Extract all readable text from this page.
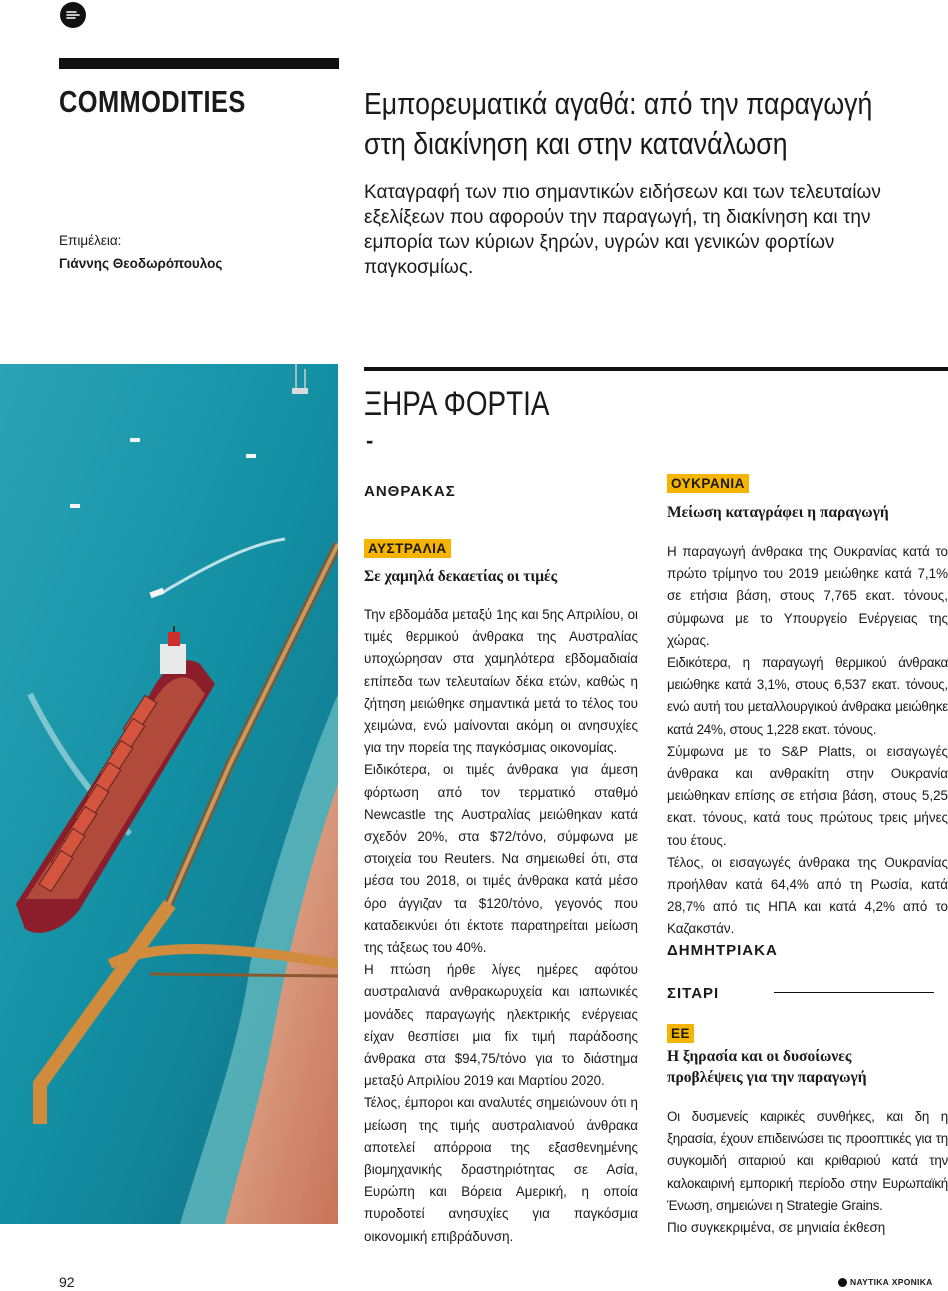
COMMODITIES	Εμπορευματικά αγαθά: από την παραγωγή
στη διακίνηση και στην κατανάλωση
Επιμέλεια:
Γιάννης Θεοδωρόπουλος
Καταγραφή των πιο σημαντικών ειδήσεων και των τελευταίων εξελίξεων που αφορούν την παραγωγή, τη διακίνηση και την εμπορία των κύριων ξηρών, υγρών και γενικών φορτίων παγκοσμίως.
ΞΗΡΑ ΦΟΡΤΙΑ
-
ΑΝΘΡΑΚΑΣ
ΑΥΣΤΡΑΛΙΑ
Σε χαμηλά δεκαετίας οι τιμές

Την εβδομάδα μεταξύ 1ης και 5ης Απριλίου, οι τιμές θερμικού άνθρακα της Αυστραλίας υποχώρησαν στα χαμηλότερα εβδομαδιαία επίπεδα των τελευταίων δέκα ετών, καθώς η ζήτηση μειώθηκε σημαντικά μετά το τέλος του χειμώνα, ενώ μαίνονται ακόμη οι ανησυχίες για την πορεία της παγκόσμιας οικονομίας.

Ειδικότερα, οι τιμές άνθρακα για άμεση φόρτωση από τον τερματικό σταθμό Newcastle της Αυστραλίας μειώθηκαν κατά σχεδόν 20%, στα $72/τόνο, σύμφωνα με στοιχεία του Reuters. Να σημειωθεί ότι, στα μέσα του 2018, οι τιμές άνθρακα κατά μέσο όρο άγγιζαν τα $120/τόνο, γεγονός που καταδεικνύει ότι έκτοτε παρατηρείται μείωση της τάξεως του 40%.

Η πτώση ήρθε λίγες ημέρες αφότου αυστραλιανά ανθρακωρυχεία και ιαπωνικές μονάδες παραγωγής ηλεκτρικής ενέργειας είχαν θεσπίσει μια fix τιμή παράδοσης άνθρακα στα $94,75/τόνο για το διάστημα μεταξύ Απριλίου 2019 και Μαρτίου 2020.

Τέλος, έμποροι και αναλυτές σημειώνουν ότι η μείωση της τιμής αυστραλιανού άνθρακα αποτελεί απόρροια της εξασθενημένης βιομηχανικής δραστηριότητας σε Ασία, Ευρώπη και Βόρεια Αμερική, η οποία πυροδοτεί ανησυχίες για παγκόσμια οικονομική επιβράδυνση.

ΟΥΚΡΑΝΙΑ
Μείωση καταγράφει η παραγωγή

Η παραγωγή άνθρακα της Ουκρανίας κατά το πρώτο τρίμηνο του 2019 μειώθηκε κατά 7,1% σε ετήσια βάση, στους 7,765 εκατ. τόνους, σύμφωνα με το Υπουργείο Ενέργειας της χώρας.

Ειδικότερα, η παραγωγή θερμικού άνθρακα μειώθηκε κατά 3,1%, στους 6,537 εκατ. τόνους, ενώ αυτή του μεταλλουργικού άνθρακα μειώθηκε κατά 24%, στους 1,228 εκατ. τόνους.

Σύμφωνα με το S&P Platts, οι εισαγωγές άνθρακα και ανθρακίτη στην Ουκρανία μειώθηκαν επίσης σε ετήσια βάση, στους 5,25 εκατ. τόνους, κατά τους πρώτους τρεις μήνες του έτους.

Τέλος, οι εισαγωγές άνθρακα της Ουκρανίας προήλθαν κατά 64,4% από τη Ρωσία, κατά 28,7% από τις ΗΠΑ και κατά 4,2% από το Καζακστάν.

ΔΗΜΗΤΡΙΑΚΑ
ΣΙΤΑΡΙ
ΕΕ
Η ξηρασία και οι δυσοίωνες προβλέψεις για την παραγωγή

Οι δυσμενείς καιρικές συνθήκες, και δη η ξηρασία, έχουν επιδεινώσει τις προοπτικές για τη συγκομιδή σιταριού και κριθαριού κατά την καλοκαιρινή εμπορική περίοδο στην Ευρωπαϊκή Ένωση, σημειώνει η Strategie Grains.

Πιο συγκεκριμένα, σε μηνιαία έκθεση

92	ΝΑΥΤΙΚΑ ΧΡΟΝΙΚΑ
